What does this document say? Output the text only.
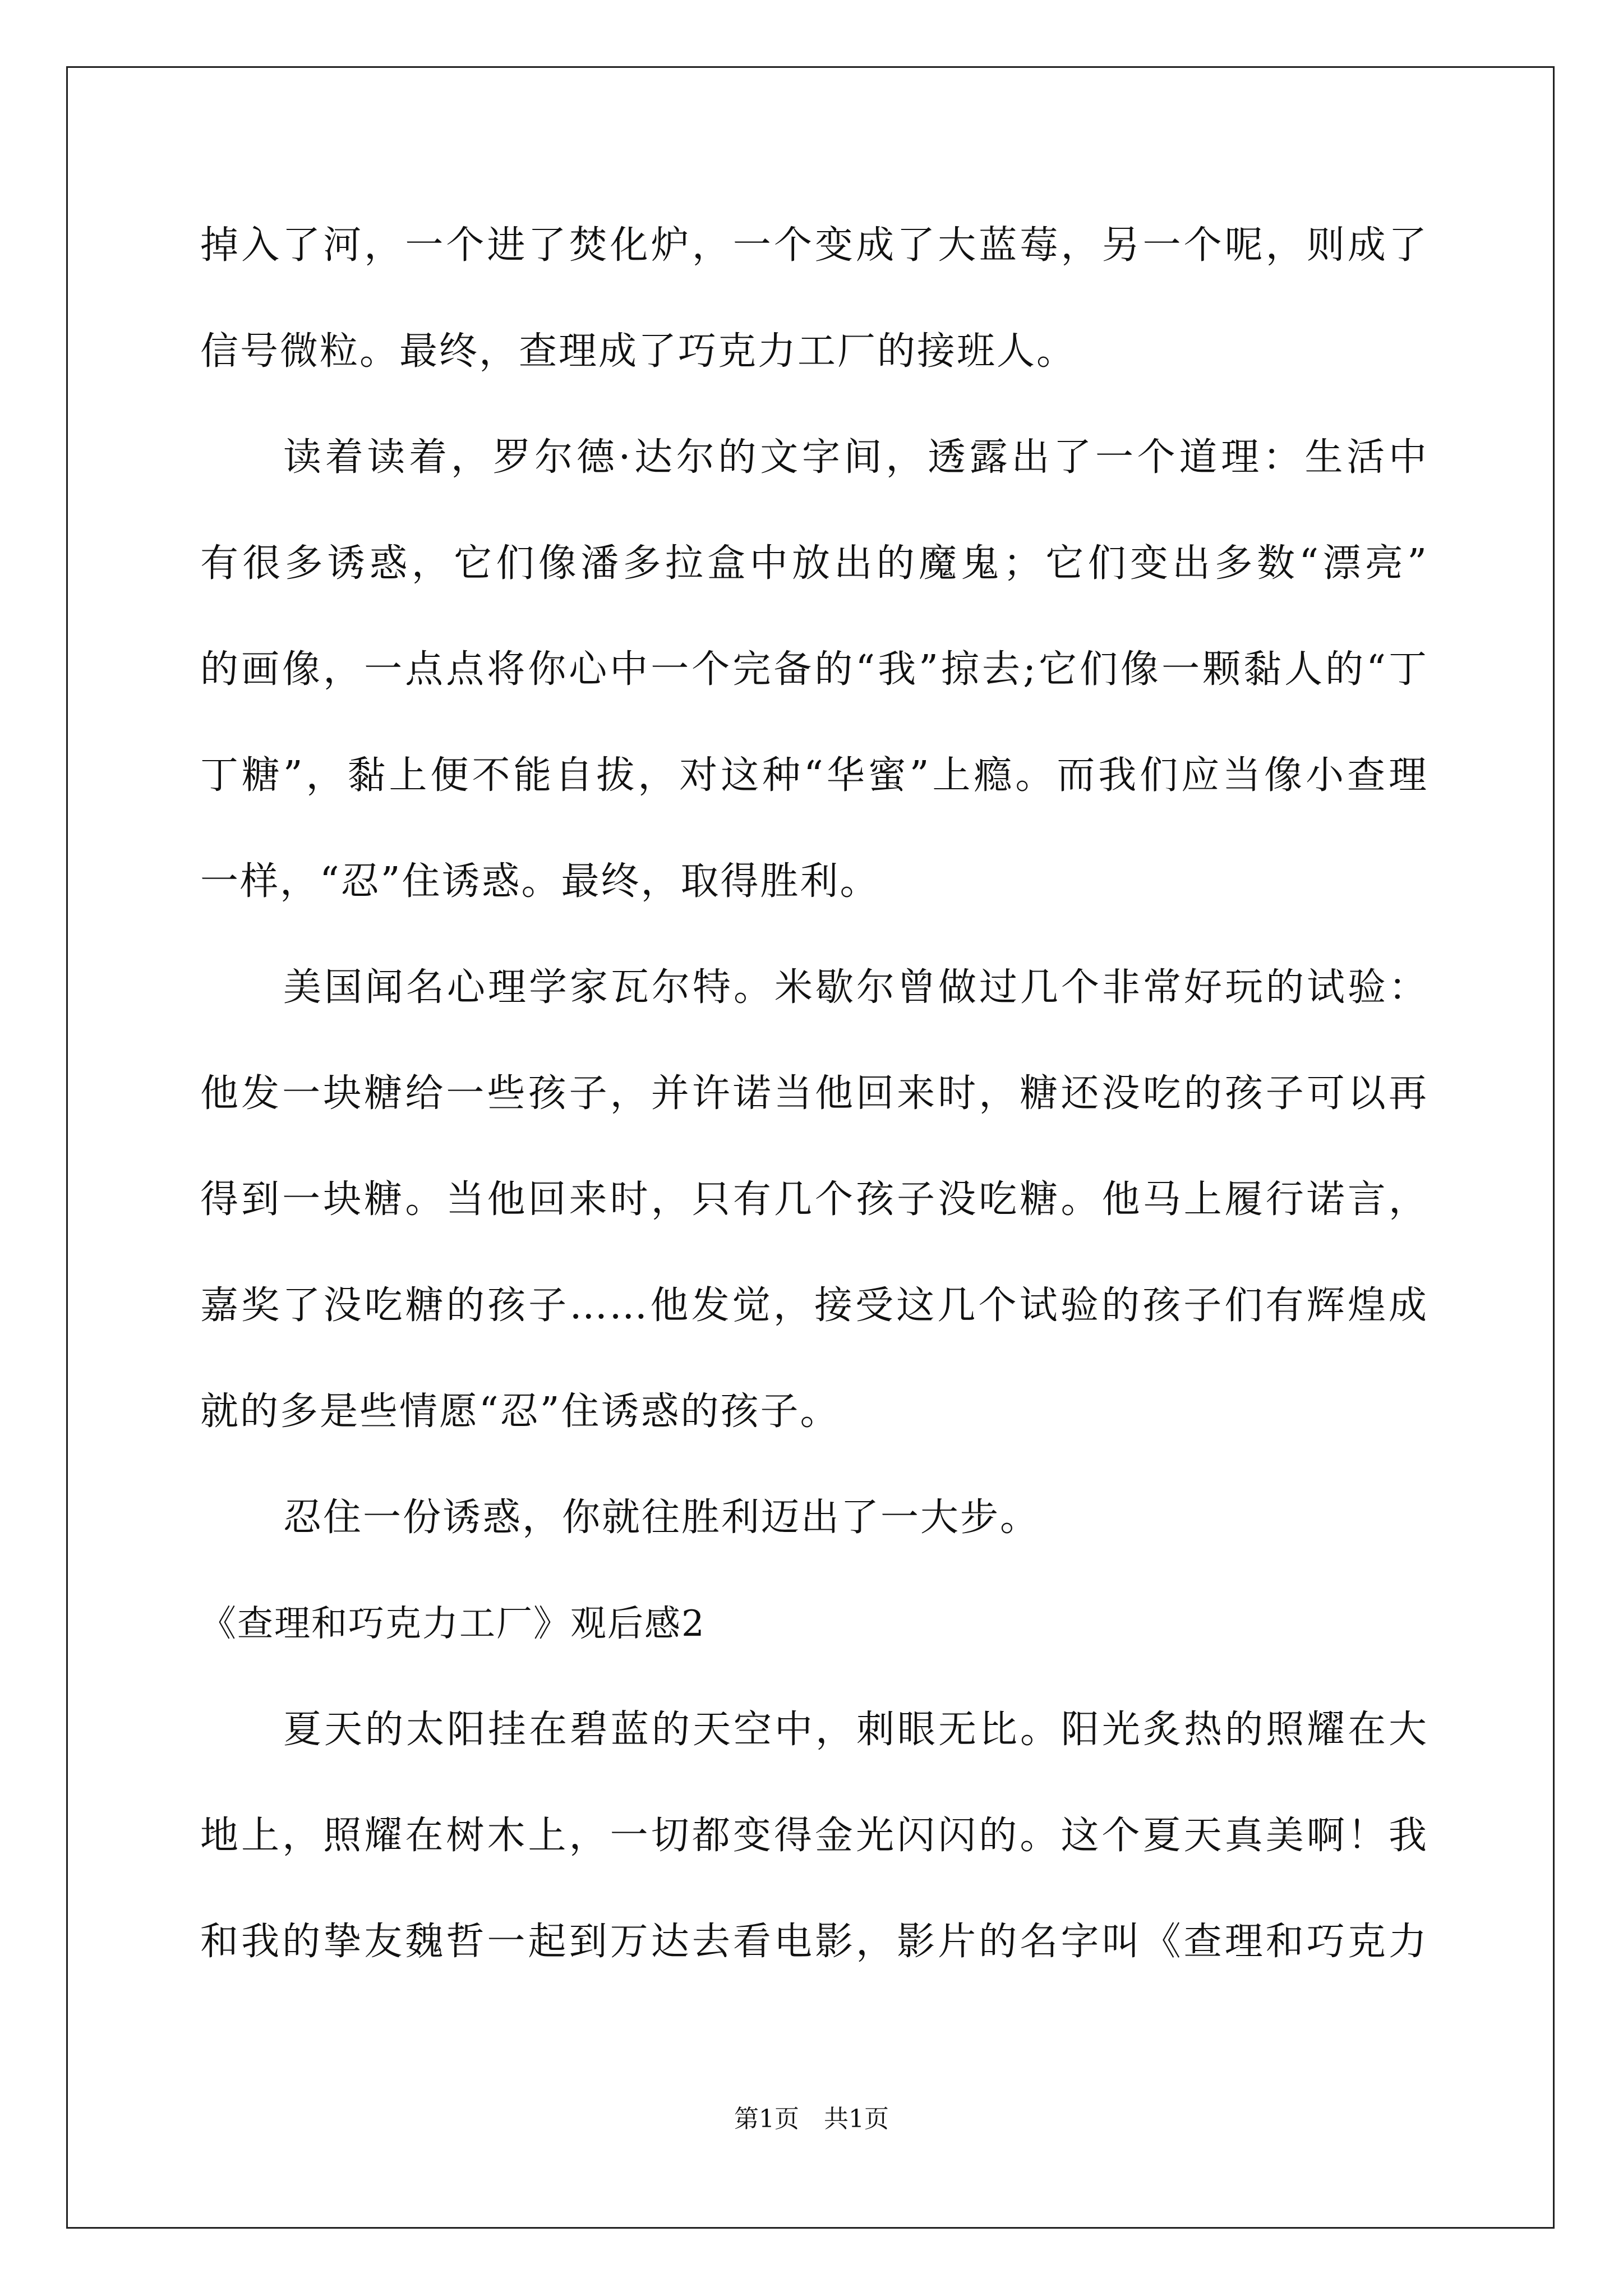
掉入了河，一个进了焚化炉，一个变成了大蓝莓，另一个呢，则成了
信号微粒。最终，查理成了巧克力工厂的接班人。
读着读着，罗尔德·达尔的文字间，透露出了一个道理：生活中
有很多诱惑，它们像潘多拉盒中放出的魔鬼；它们变出多数“漂亮”
的画像，一点点将你心中一个完备的“我”掠去;它们像一颗黏人的“丁
丁糖”，黏上便不能自拔，对这种“华蜜”上瘾。而我们应当像小查理
一样，“忍”住诱惑。最终，取得胜利。
美国闻名心理学家瓦尔特。米歇尔曾做过几个非常好玩的试验：
他发一块糖给一些孩子，并许诺当他回来时，糖还没吃的孩子可以再
得到一块糖。当他回来时，只有几个孩子没吃糖。他马上履行诺言，
嘉奖了没吃糖的孩子……他发觉，接受这几个试验的孩子们有辉煌成
就的多是些情愿“忍”住诱惑的孩子。
忍住一份诱惑，你就往胜利迈出了一大步。
《查理和巧克力工厂》观后感2
夏天的太阳挂在碧蓝的天空中，刺眼无比。阳光炙热的照耀在大
地上，照耀在树木上，一切都变得金光闪闪的。这个夏天真美啊！我
和我的挚友魏哲一起到万达去看电影，影片的名字叫《查理和巧克力
第1页　共1页
